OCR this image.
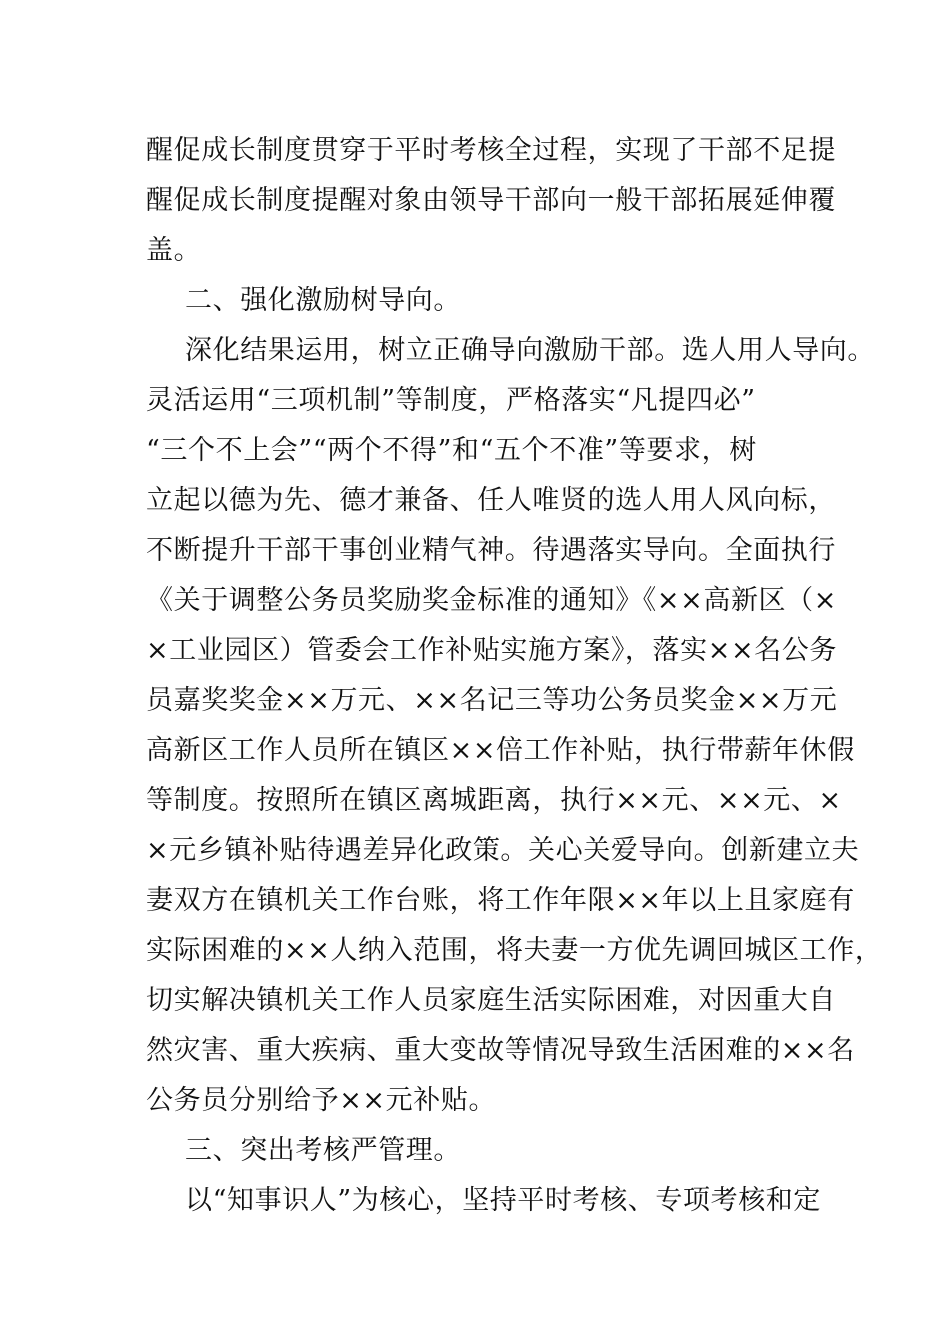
醒促成长制度贯穿于平时考核全过程，实现了干部不足提
醒促成长制度提醒对象由领导干部向一般干部拓展延伸覆
盖。
二、强化激励树导向。
深化结果运用，树立正确导向激励干部。选人用人导向。
灵活运用“三项机制”等制度，严格落实“凡提四必”
“三个不上会”“两个不得”和“五个不准”等要求，树
立起以德为先、德才兼备、任人唯贤的选人用人风向标，
不断提升干部干事创业精气神。待遇落实导向。全面执行
《关于调整公务员奖励奖金标准的通知》《××高新区（×
×工业园区）管委会工作补贴实施方案》，落实××名公务
员嘉奖奖金××万元、××名记三等功公务员奖金××万元
高新区工作人员所在镇区××倍工作补贴，执行带薪年休假
等制度。按照所在镇区离城距离，执行××元、××元、×
×元乡镇补贴待遇差异化政策。关心关爱导向。创新建立夫
妻双方在镇机关工作台账，将工作年限××年以上且家庭有
实际困难的××人纳入范围，将夫妻一方优先调回城区工作，
切实解决镇机关工作人员家庭生活实际困难，对因重大自
然灾害、重大疾病、重大变故等情况导致生活困难的××名
公务员分别给予××元补贴。
三、突出考核严管理。
以“知事识人”为核心，坚持平时考核、专项考核和定
